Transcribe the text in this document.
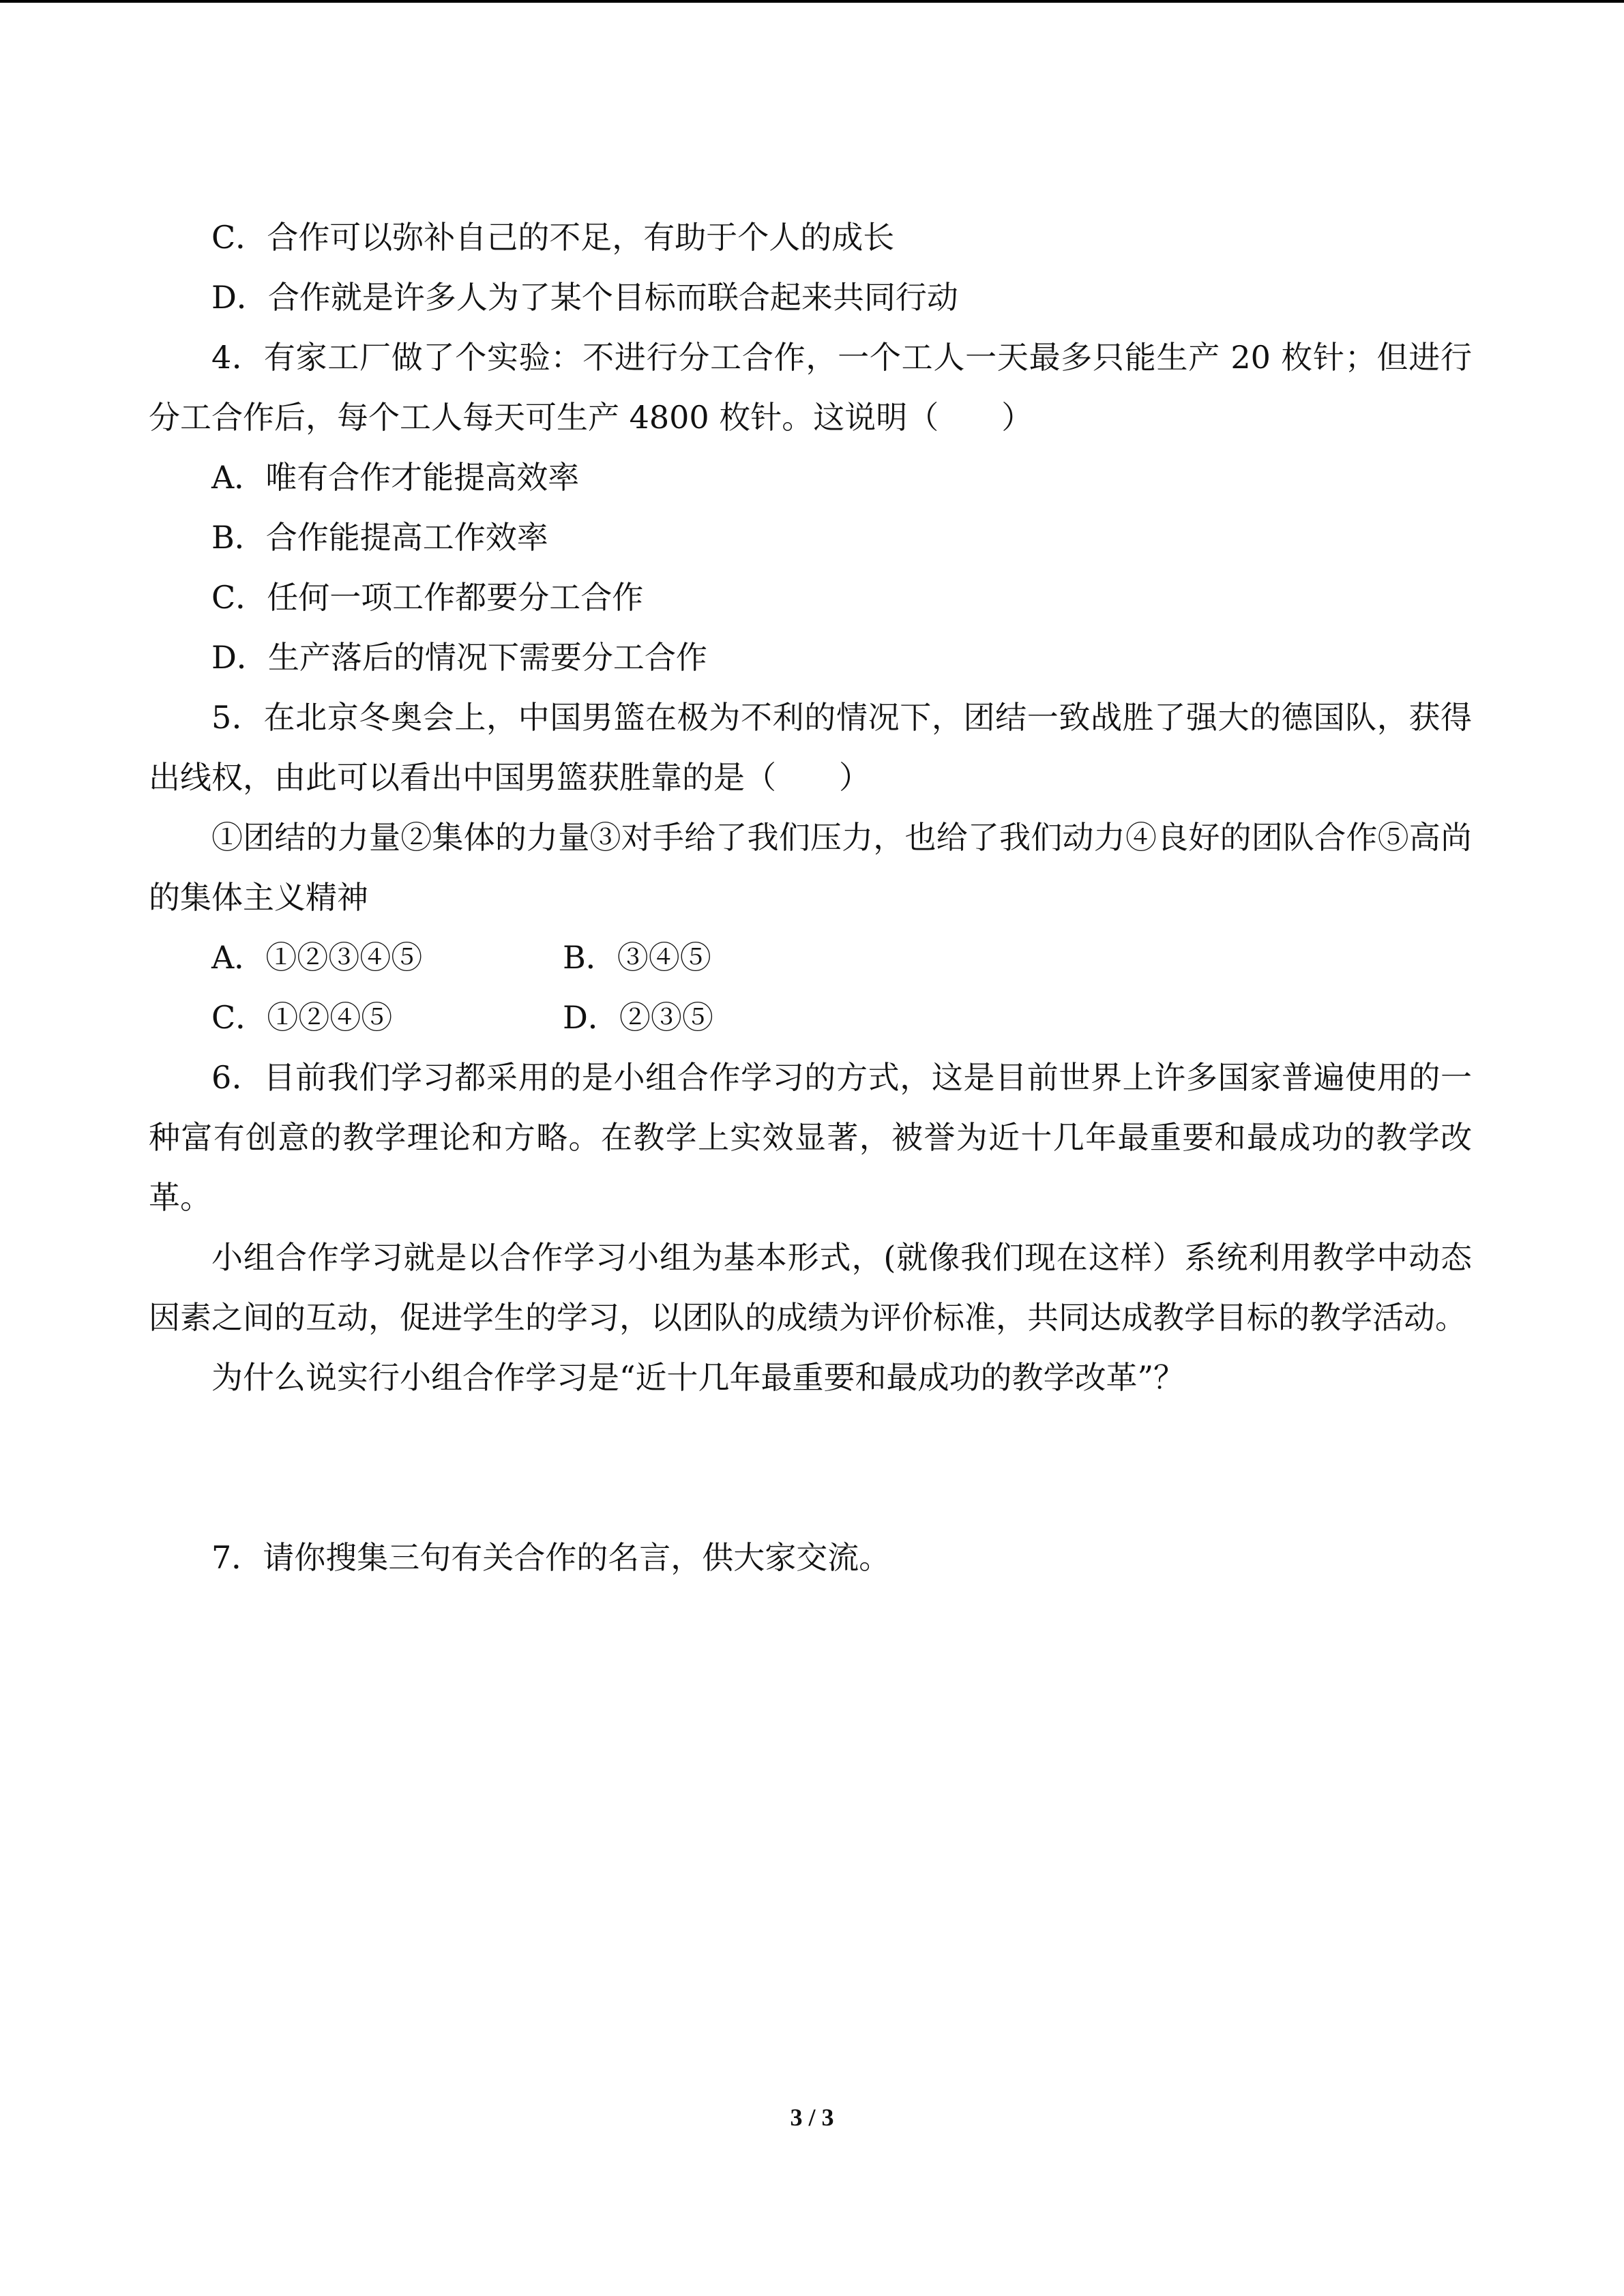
C．合作可以弥补自己的不足，有助于个人的成长
D．合作就是许多人为了某个目标而联合起来共同行动
4．有家工厂做了个实验：不进行分工合作，一个工人一天最多只能生产 20 枚针；但进行分工合作后，每个工人每天可生产 4800 枚针。这说明（　　）
A．唯有合作才能提高效率
B．合作能提高工作效率
C．任何一项工作都要分工合作
D．生产落后的情况下需要分工合作
5．在北京冬奥会上，中国男篮在极为不利的情况下，团结一致战胜了强大的德国队，获得出线权，由此可以看出中国男篮获胜靠的是（　　）
①团结的力量②集体的力量③对手给了我们压力，也给了我们动力④良好的团队合作⑤高尚的集体主义精神
A．①②③④⑤	B．③④⑤
C．①②④⑤	D．②③⑤
6．目前我们学习都采用的是小组合作学习的方式，这是目前世界上许多国家普遍使用的一种富有创意的教学理论和方略。在教学上实效显著，被誉为近十几年最重要和最成功的教学改革。
小组合作学习就是以合作学习小组为基本形式，(就像我们现在这样）系统利用教学中动态因素之间的互动，促进学生的学习，以团队的成绩为评价标准，共同达成教学目标的教学活动。
为什么说实行小组合作学习是“近十几年最重要和最成功的教学改革”？
7．请你搜集三句有关合作的名言，供大家交流。
3 / 3
